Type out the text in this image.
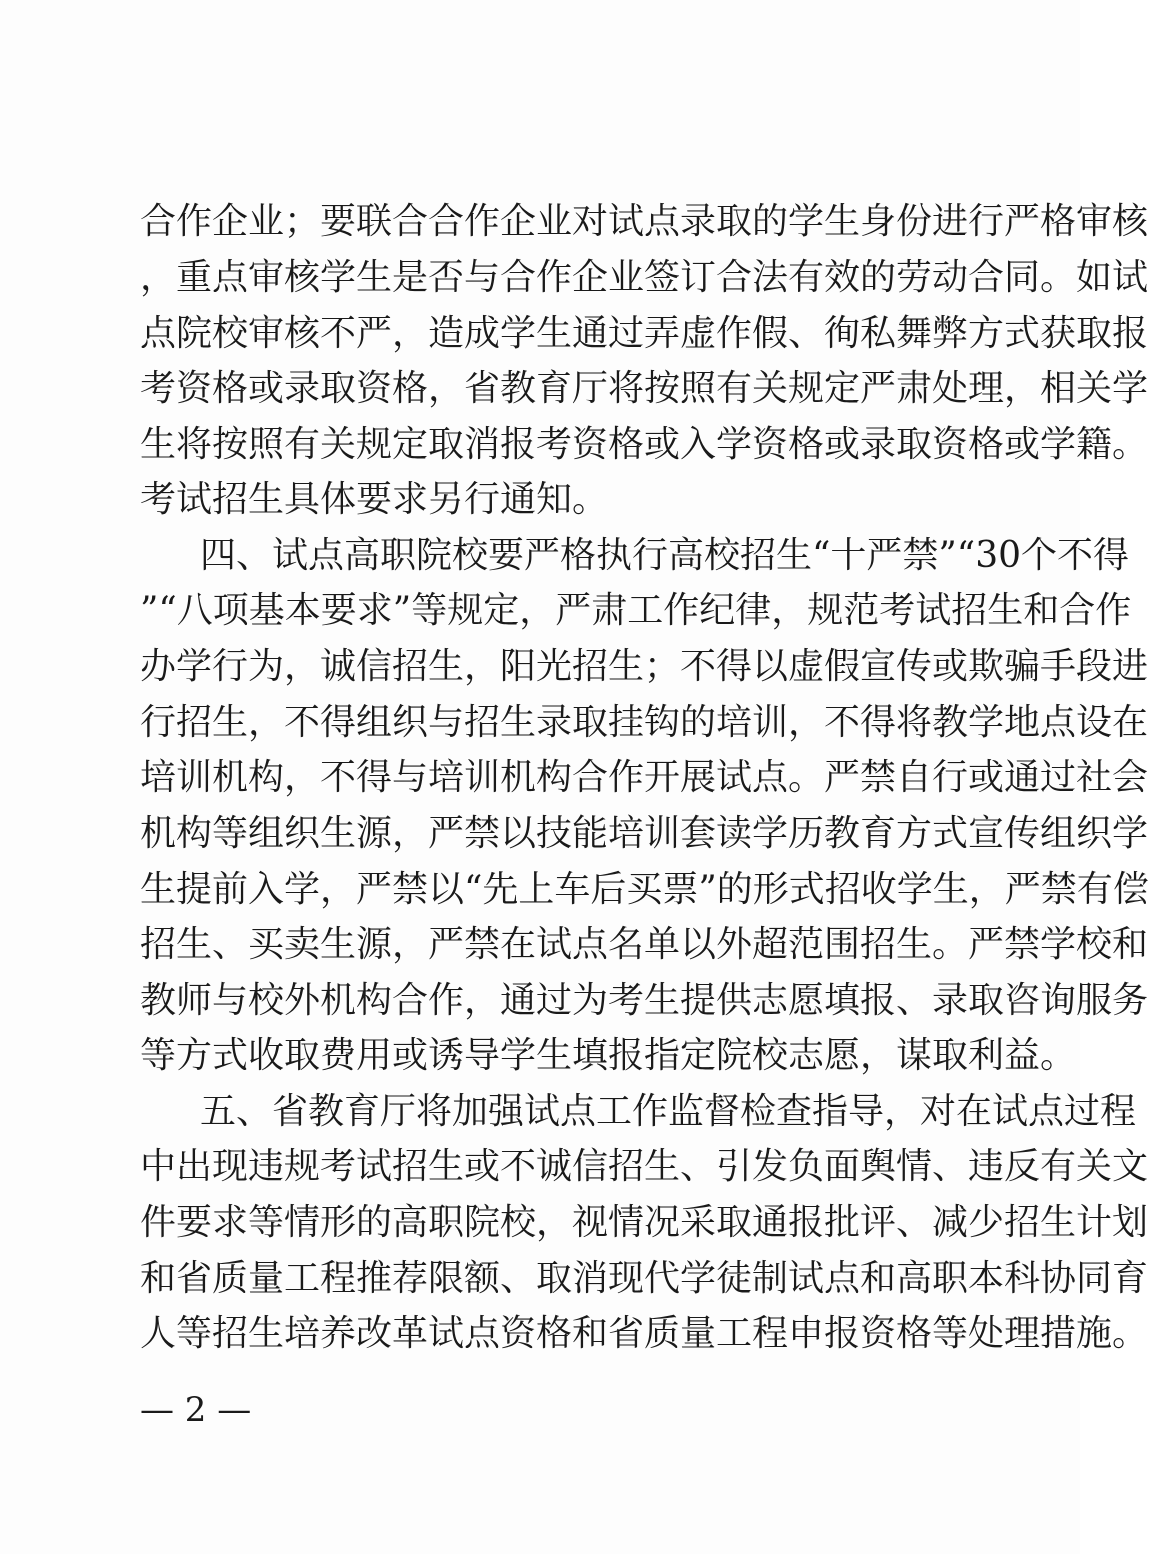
合作企业；要联合合作企业对试点录取的学生身份进行严格审核
，重点审核学生是否与合作企业签订合法有效的劳动合同。如试
点院校审核不严，造成学生通过弄虚作假、徇私舞弊方式获取报
考资格或录取资格，省教育厅将按照有关规定严肃处理，相关学
生将按照有关规定取消报考资格或入学资格或录取资格或学籍。
考试招生具体要求另行通知。
四、试点高职院校要严格执行高校招生“十严禁”“30个不得
”“八项基本要求”等规定，严肃工作纪律，规范考试招生和合作
办学行为，诚信招生，阳光招生；不得以虚假宣传或欺骗手段进
行招生，不得组织与招生录取挂钩的培训，不得将教学地点设在
培训机构，不得与培训机构合作开展试点。严禁自行或通过社会
机构等组织生源，严禁以技能培训套读学历教育方式宣传组织学
生提前入学，严禁以“先上车后买票”的形式招收学生，严禁有偿
招生、买卖生源，严禁在试点名单以外超范围招生。严禁学校和
教师与校外机构合作，通过为考生提供志愿填报、录取咨询服务
等方式收取费用或诱导学生填报指定院校志愿，谋取利益。
五、省教育厅将加强试点工作监督检查指导，对在试点过程
中出现违规考试招生或不诚信招生、引发负面舆情、违反有关文
件要求等情形的高职院校，视情况采取通报批评、减少招生计划
和省质量工程推荐限额、取消现代学徒制试点和高职本科协同育
人等招生培养改革试点资格和省质量工程申报资格等处理措施。
— 2 —
